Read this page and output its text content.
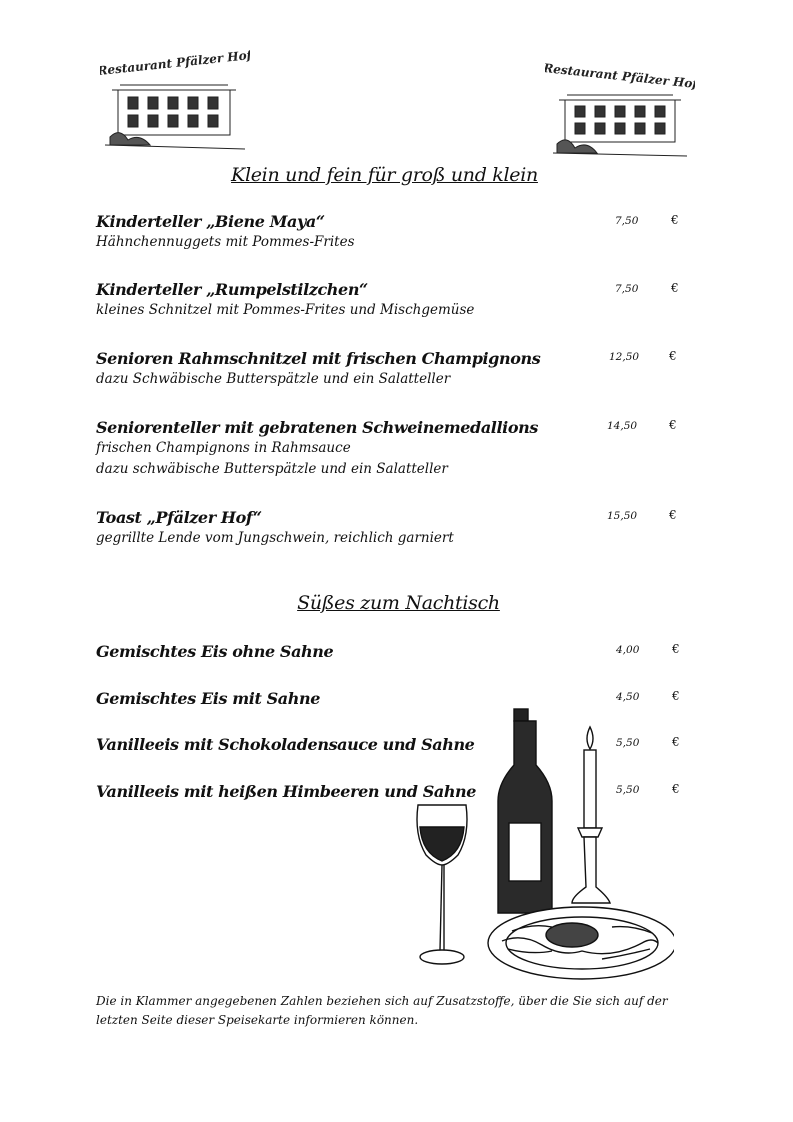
Restaurant Pfälzer Hof	Restaurant Pfälzer Hof
Klein und fein für groß und klein
Kinderteller „Biene Maya“
Hähnchennuggets mit Pommes-Frites
7,50	€
Kinderteller „Rumpelstilzchen“
kleines Schnitzel mit Pommes-Frites und Mischgemüse
7,50	€
Senioren Rahmschnitzel mit frischen Champignons
dazu Schwäbische Butterspätzle und ein Salatteller
12,50 €
Seniorenteller mit gebratenen Schweinemedallions
frischen Champignons in Rahmsauce
dazu schwäbische Butterspätzle und ein Salatteller
14,50	€
Toast „Pfälzer Hof“
gegrillte Lende vom Jungschwein, reichlich garniert
15,50	€
Süßes zum Nachtisch
Gemischtes Eis ohne Sahne	4,00	€
Gemischtes Eis mit Sahne	4,50	€
Vanilleeis mit Schokoladensauce und Sahne	5,50	€
Vanilleeis mit heißen Himbeeren und Sahne	5,50	€
Die in Klammer angegebenen Zahlen beziehen sich auf Zusatzstoffe, über die Sie sich auf der letzten Seite dieser Speisekarte informieren können.
